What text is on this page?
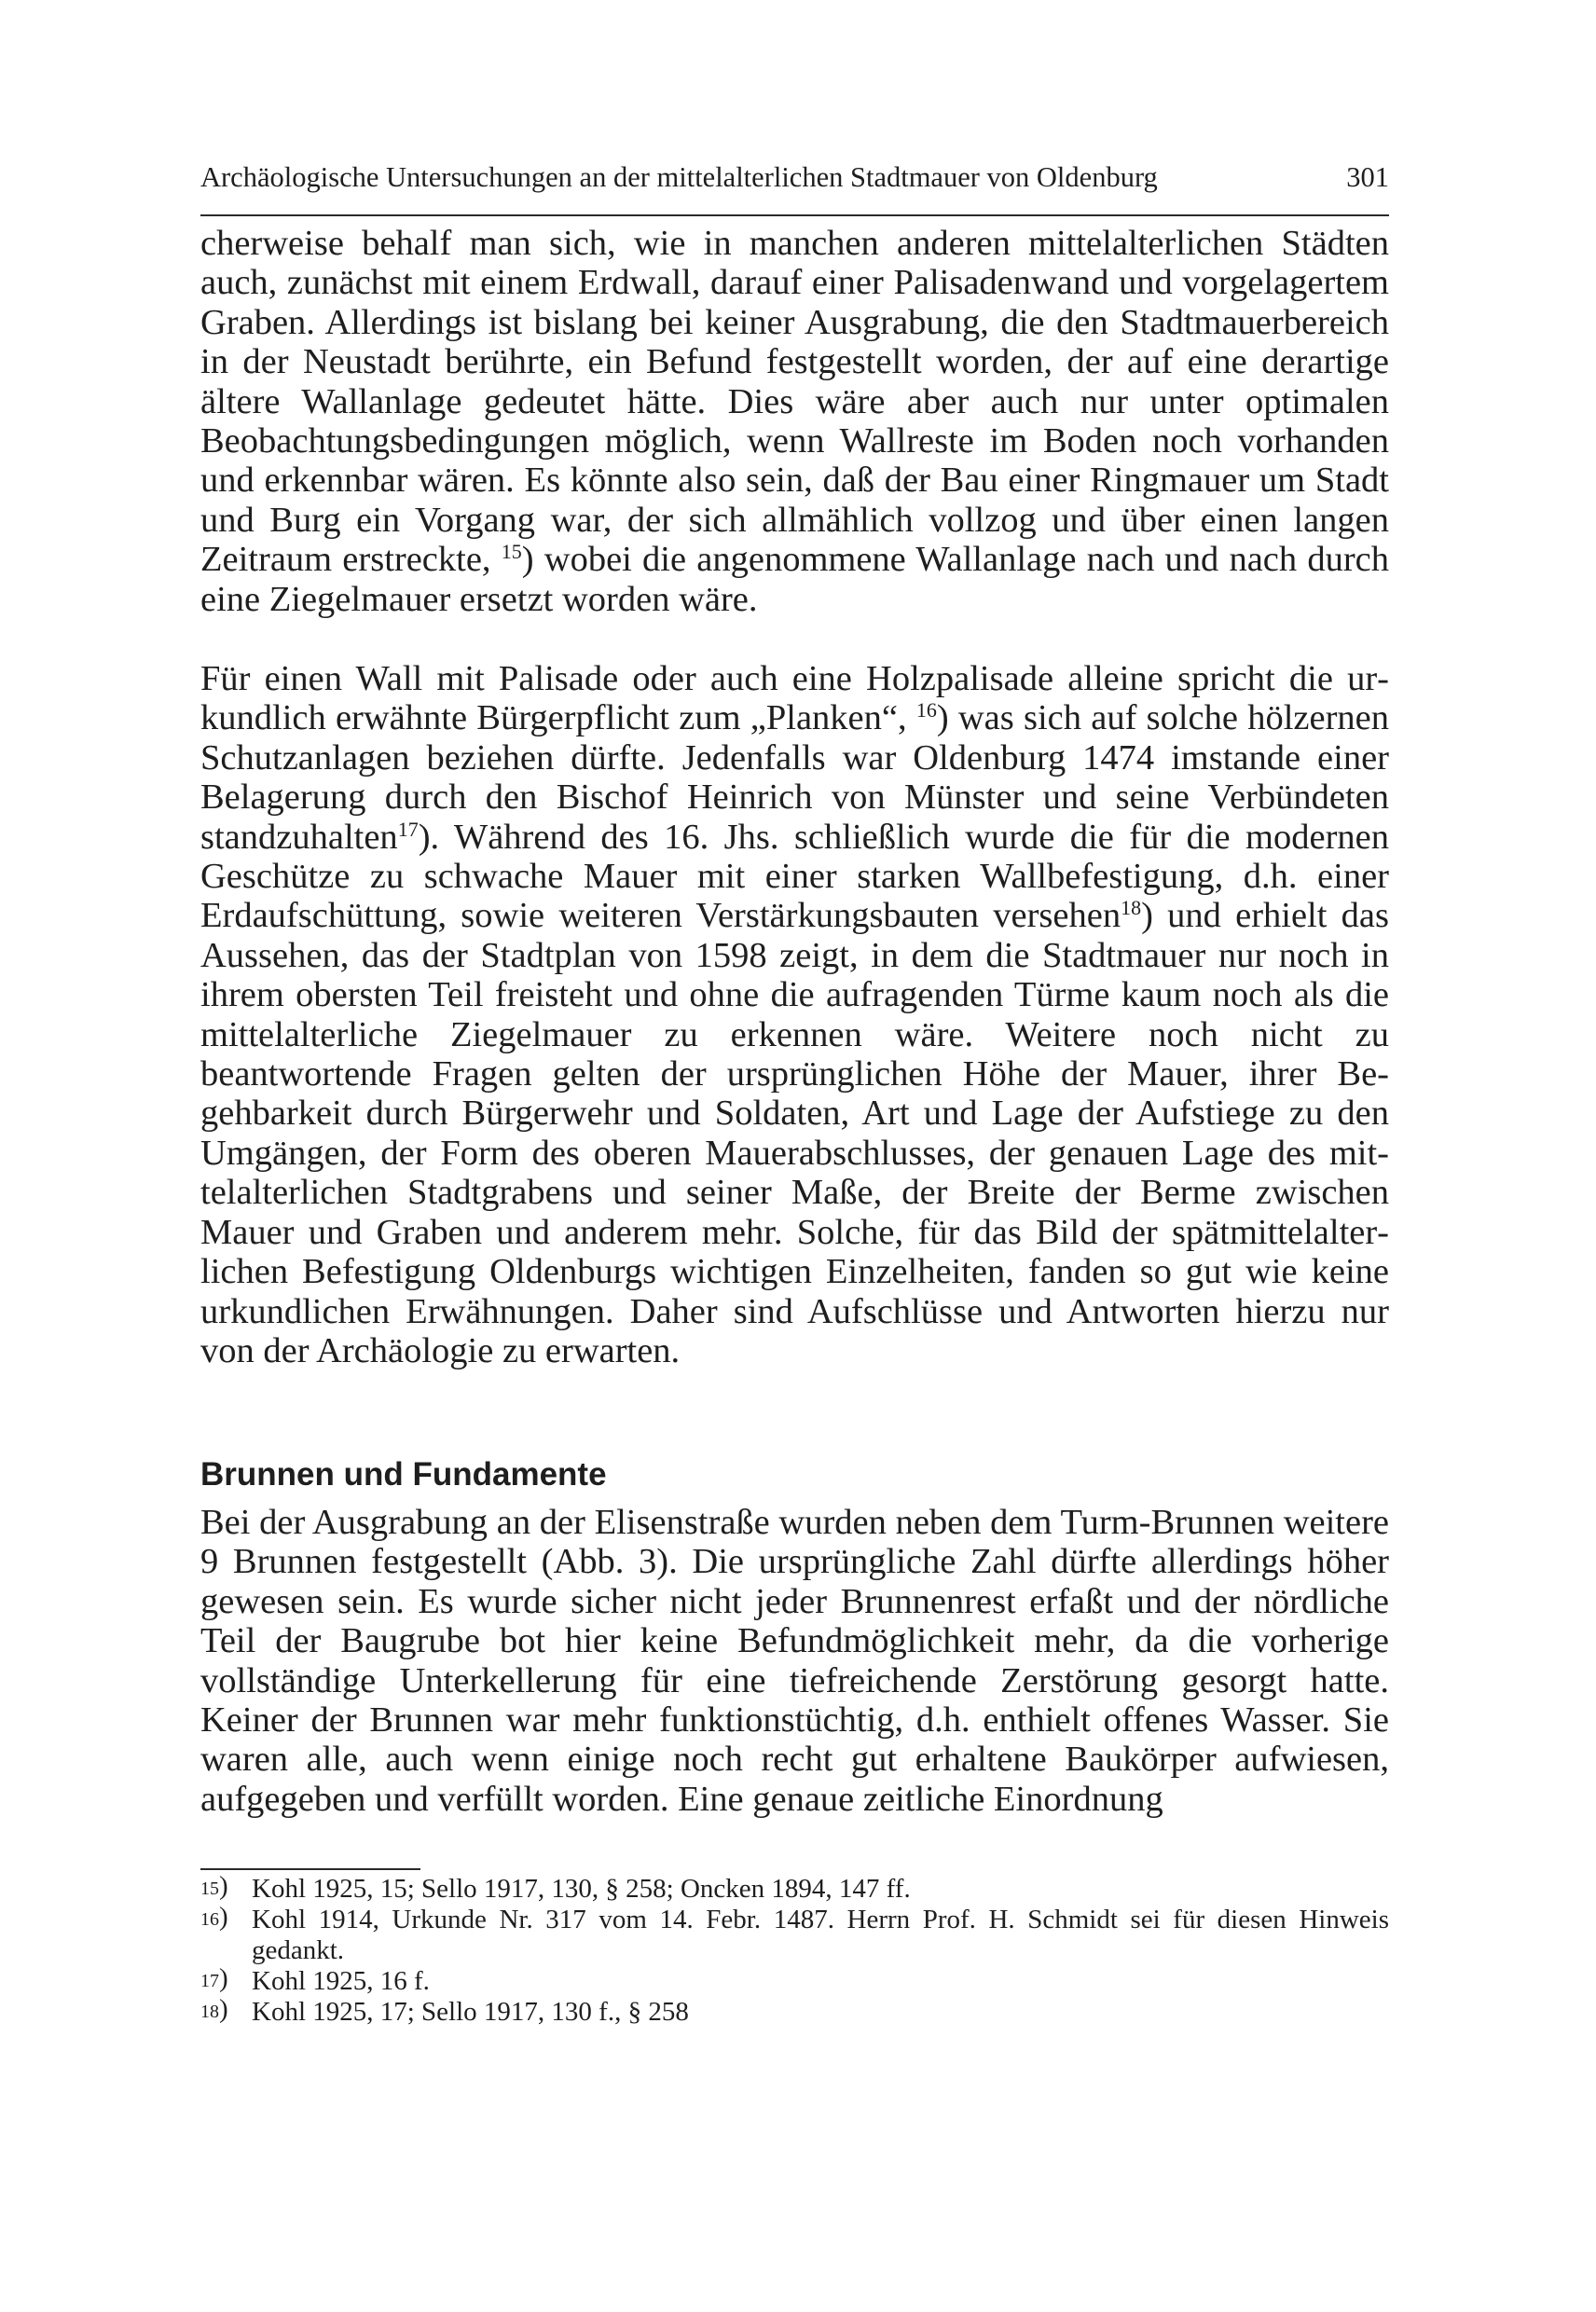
Archäologische Untersuchungen an der mittelalterlichen Stadtmauer von Oldenburg	301

cherweise behalf man sich, wie in manchen anderen mittelalterlichen Städten auch, zunächst mit einem Erdwall, darauf einer Palisadenwand und vorgelagertem Graben. Allerdings ist bislang bei keiner Ausgrabung, die den Stadtmauerbereich in der Neustadt berührte, ein Befund festgestellt worden, der auf eine derartige ältere Wallanlage gedeutet hätte. Dies wäre aber auch nur unter optimalen Beobachtungsbedingungen möglich, wenn Wallreste im Boden noch vorhanden und erkennbar wären. Es könnte also sein, daß der Bau einer Ringmauer um Stadt und Burg ein Vorgang war, der sich allmählich vollzog und über einen langen Zeitraum erstreckte, $^{15}$) wobei die angenommene Wallanlage nach und nach durch eine Ziegelmauer ersetzt worden wäre.

Für einen Wall mit Palisade oder auch eine Holzpalisade alleine spricht die urkundlich erwähnte Bürgerpflicht zum „Planken“, $^{16}$) was sich auf solche hölzernen Schutzanlagen beziehen dürfte. Jedenfalls war Oldenburg 1474 imstande einer Belagerung durch den Bischof Heinrich von Münster und seine Verbündeten standzuhalten$^{17}$). Während des 16. Jhs. schließlich wurde die für die modernen Geschütze zu schwache Mauer mit einer starken Wallbefestigung, d.h. einer Erdaufschüttung, sowie weiteren Verstärkungsbauten versehen$^{18}$) und erhielt das Aussehen, das der Stadtplan von 1598 zeigt, in dem die Stadtmauer nur noch in ihrem obersten Teil freisteht und ohne die aufragenden Türme kaum noch als die mittelalterliche Ziegelmauer zu erkennen wäre. Weitere noch nicht zu beantwortende Fragen gelten der ursprünglichen Höhe der Mauer, ihrer Begehbarkeit durch Bürgerwehr und Soldaten, Art und Lage der Aufstiege zu den Umgängen, der Form des oberen Mauerabschlusses, der genauen Lage des mittelalterlichen Stadtgrabens und seiner Maße, der Breite der Berme zwischen Mauer und Graben und anderem mehr. Solche, für das Bild der spätmittelalterlichen Befestigung Oldenburgs wichtigen Einzelheiten, fanden so gut wie keine urkundlichen Erwähnungen. Daher sind Aufschlüsse und Antworten hierzu nur von der Archäologie zu erwarten.

Brunnen und Fundamente

Bei der Ausgrabung an der Elisenstraße wurden neben dem Turm-Brunnen weitere 9 Brunnen festgestellt (Abb. 3). Die ursprüngliche Zahl dürfte allerdings höher gewesen sein. Es wurde sicher nicht jeder Brunnenrest erfaßt und der nördliche Teil der Baugrube bot hier keine Befundmöglichkeit mehr, da die vorherige vollständige Unterkellerung für eine tiefreichende Zerstörung gesorgt hatte. Keiner der Brunnen war mehr funktionstüchtig, d.h. enthielt offenes Wasser. Sie waren alle, auch wenn einige noch recht gut erhaltene Baukörper aufwiesen, aufgegeben und verfüllt worden. Eine genaue zeitliche Einordnung

15 )	Kohl 1925, 15; Sello 1917, 130, § 258; Oncken 1894, 147 ff.
16 )	Kohl 1914, Urkunde Nr. 317 vom 14. Febr. 1487. Herrn Prof. H. Schmidt sei für diesen Hinweis gedankt.
17 )	Kohl 1925, 16 f.
18 )	Kohl 1925, 17; Sello 1917, 130 f., § 258
